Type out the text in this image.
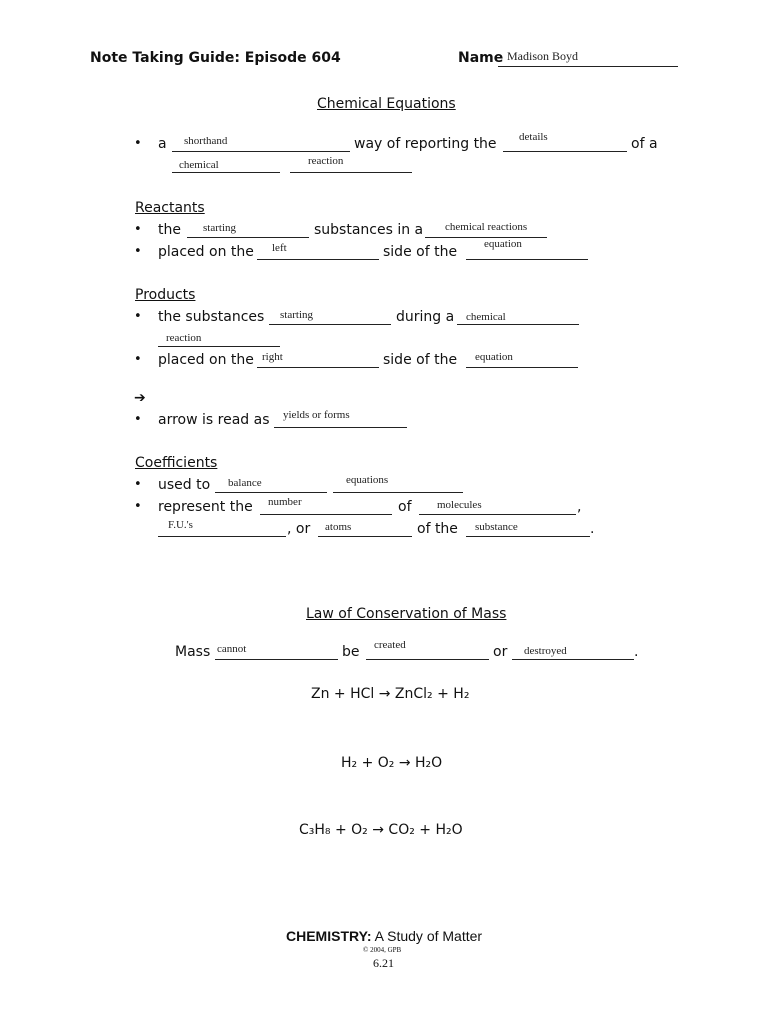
Note Taking Guide: Episode 604	Name Madison Boyd
Chemical Equations
• a shorthand	way of reporting the details	of a
chemical	reaction
Reactants
• the starting	substances in a chemical reactions
• placed on the left	side of the equation
Products
• the substances starting	during a chemical
reaction
• placed on the right	side of the equation
➔
• arrow is read as yields or forms
Coefficients
• used to balance	equations
• represent the number	of molecules	,
F.U.'s	, or atoms	of the substance	.
Law of Conservation of Mass
Mass cannot	be created	or destroyed	.
Zn + HCl → ZnCl₂ + H₂
H₂ + O₂ → H₂O
C₃H₈ + O₂ → CO₂ + H₂O
CHEMISTRY: A Study of Matter
© 2004, GPB
6.21
